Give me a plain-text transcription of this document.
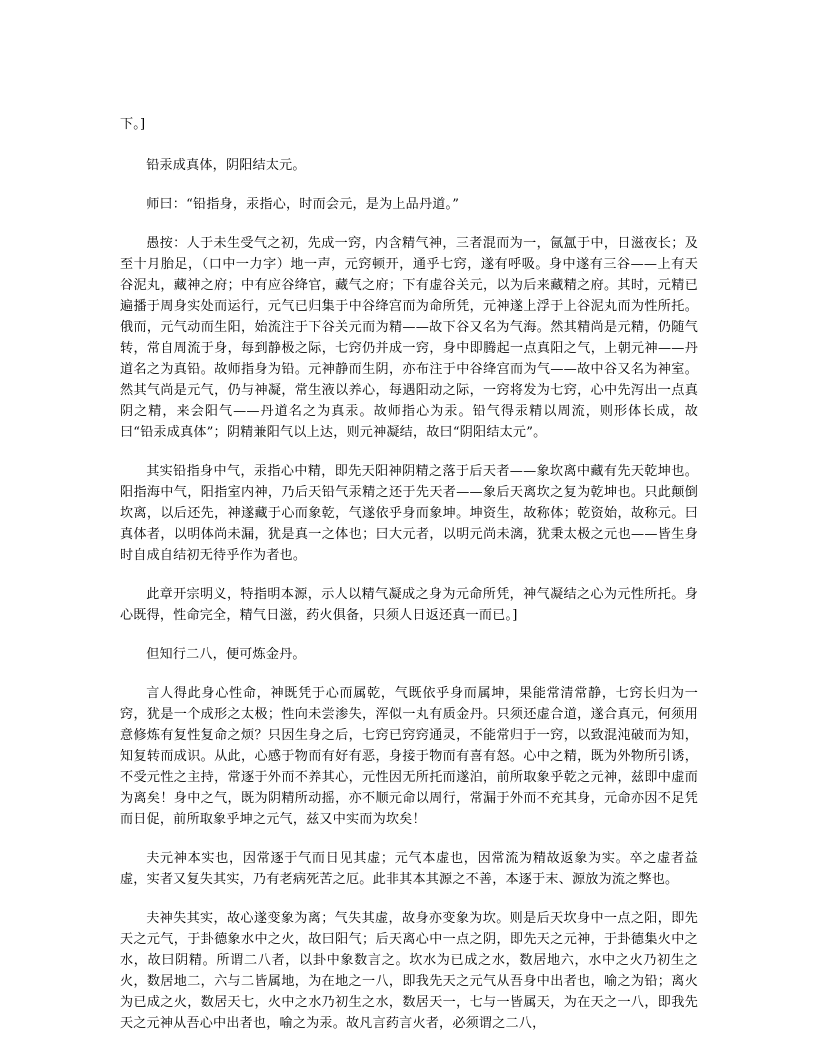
下。]

铅汞成真体，阴阳结太元。

师曰：“铅指身，汞指心，时而会元，是为上品丹道。”

愚按：人于未生受气之初，先成一窍，内含精气神，三者混而为一，氤氲于中，日滋夜长；及至十月胎足，（口中一力字）地一声，元窍顿开，通乎七窍，遂有呼吸。身中遂有三谷——上有天谷泥丸，藏神之府；中有应谷绛官，藏气之府；下有虚谷关元，以为后来藏精之府。其时，元精已遍播于周身实处而运行，元气已归集于中谷绛宫而为命所凭，元神遂上浮于上谷泥丸而为性所托。俄而，元气动而生阳，始流注于下谷关元而为精——故下谷又名为气海。然其精尚是元精，仍随气转，常自周流于身，每到静极之际，七窍仍并成一窍，身中即腾起一点真阳之气，上朝元神——丹道名之为真铅。故师指身为铅。元神静而生阴，亦布注于中谷绛宫而为气——故中谷又名为神室。然其气尚是元气，仍与神凝，常生液以养心，每遇阳动之际，一窍将发为七窍，心中先泻出一点真阴之精，来会阳气——丹道名之为真汞。故师指心为汞。铅气得汞精以周流，则形体长成，故曰“铅汞成真体”；阴精兼阳气以上达，则元神凝结，故曰“阴阳结太元”。

其实铅指身中气，汞指心中精，即先天阳神阴精之落于后天者——象坎离中藏有先天乾坤也。阳指海中气，阳指室内神，乃后天铅气汞精之还于先天者——象后天离坎之复为乾坤也。只此颠倒坎离，以后还先，神遂藏于心而象乾，气遂依乎身而象坤。坤资生，故称体；乾资始，故称元。曰真体者，以明体尚未漏，犹是真一之体也；曰大元者，以明元尚未漓，犹秉太极之元也——皆生身时自成自结初无待乎作为者也。

此章开宗明义，特指明本源，示人以精气凝成之身为元命所凭，神气凝结之心为元性所托。身心既得，性命完全，精气日滋，药火俱备，只须人日返还真一而已。]

但知行二八，便可炼金丹。

言人得此身心性命，神既凭于心而属乾，气既依乎身而属坤，果能常清常静，七窍长归为一窍，犹是一个成形之太极；性向未尝渗失，浑似一丸有质金丹。只须还虚合道，遂合真元，何须用意修炼有复性复命之烦？只因生身之后，七窍已窍窍通灵，不能常归于一窍，以致混沌破而为知，知复转而成识。从此，心感于物而有好有恶，身接于物而有喜有怒。心中之精，既为外物所引诱，不受元性之主持，常逐于外而不养其心，元性因无所托而遂泊，前所取象乎乾之元神，兹即中虚而为离矣！身中之气，既为阴精所动摇，亦不顺元命以周行，常漏于外而不充其身，元命亦因不足凭而日促，前所取象乎坤之元气，兹又中实而为坎矣！

夫元神本实也，因常逐于气而日见其虚；元气本虚也，因常流为精故返象为实。卒之虚者益虚，实者又复失其实，乃有老病死苦之厄。此非其本其源之不善，本逐于末、源放为流之弊也。

夫神失其实，故心遂变象为离；气失其虚，故身亦变象为坎。则是后天坎身中一点之阳，即先天之元气，于卦德象水中之火，故曰阳气；后天离心中一点之阴，即先天之元神，于卦德集火中之水，故曰阴精。所谓二八者，以卦中象数言之。坎水为已成之水，数居地六，水中之火乃初生之火，数居地二，六与二皆属地，为在地之一八，即我先天之元气从吾身中出者也，喻之为铅；离火为已成之火，数居天七，火中之水乃初生之水，数居天一，七与一皆属天，为在天之一八，即我先天之元神从吾心中出者也，喻之为汞。故凡言药言火者，必须谓之二八，
